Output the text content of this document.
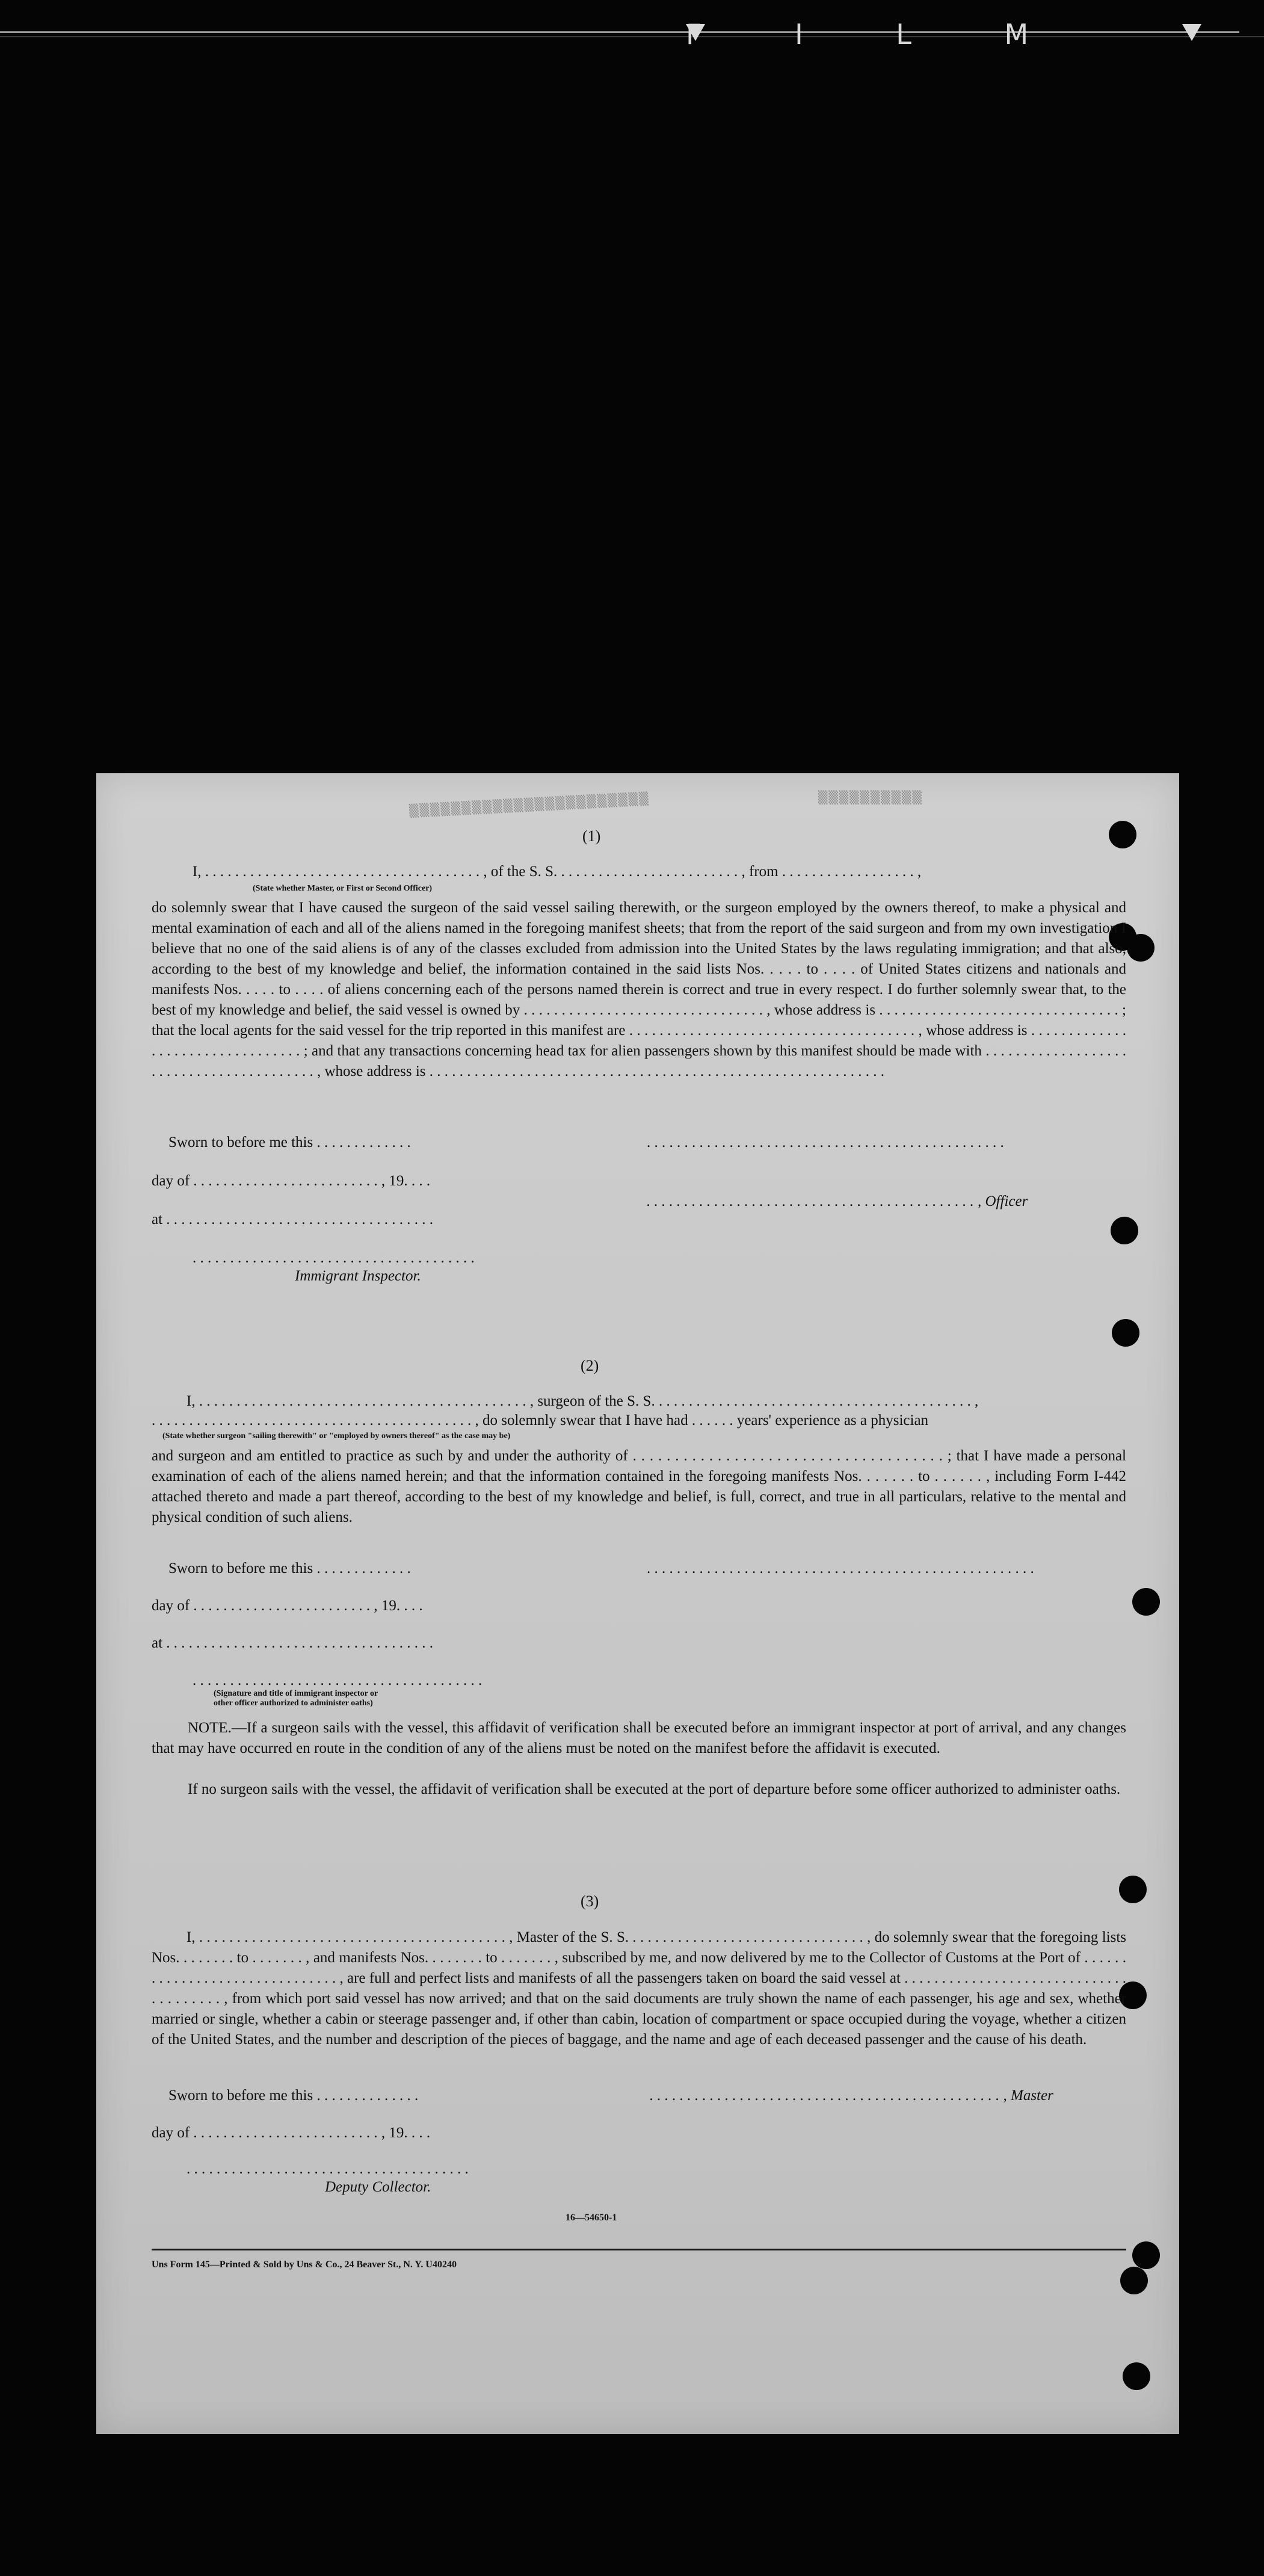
F I L M
▒▒▒▒▒▒▒▒▒▒▒▒▒▒▒▒▒▒▒▒▒▒▒	▒▒▒▒▒▒▒▒▒▒
(1)
I, . . . . . . . . . . . . . . . . . . . . . . . . . . . . . . . . . . . . . , of the S. S. . . . . . . . . . . . . . . . . . . . . . . . . , from . . . . . . . . . . . . . . . . . . ,
(State whether Master, or First or Second Officer)
do solemnly swear that I have caused the surgeon of the said vessel sailing therewith, or the surgeon employed by the owners thereof, to make a physical and mental examination of each and all of the aliens named in the foregoing manifest sheets; that from the report of the said surgeon and from my own investigation I believe that no one of the said aliens is of any of the classes excluded from admission into the United States by the laws regulating immigration; and that also, according to the best of my knowledge and belief, the information contained in the said lists Nos. . . . . to . . . . of United States citizens and nationals and manifests Nos. . . . . to . . . . of aliens concerning each of the persons named therein is correct and true in every respect. I do further solemnly swear that, to the best of my knowledge and belief, the said vessel is owned by . . . . . . . . . . . . . . . . . . . . . . . . . . . . . . . . , whose address is . . . . . . . . . . . . . . . . . . . . . . . . . . . . . . . . ; that the local agents for the said vessel for the trip reported in this manifest are . . . . . . . . . . . . . . . . . . . . . . . . . . . . . . . . . . . . . . , whose address is . . . . . . . . . . . . . . . . . . . . . . . . . . . . . . . . . ; and that any transactions concerning head tax for alien passengers shown by this manifest should be made with . . . . . . . . . . . . . . . . . . . . . . . . . . . . . . . . . . . . . . . . . , whose address is . . . . . . . . . . . . . . . . . . . . . . . . . . . . . . . . . . . . . . . . . . . . . . . . . . . . . . . . . . . . .
Sworn to before me this . . . . . . . . . . . . .	. . . . . . . . . . . . . . . . . . . . . . . . . . . . . . . . . . . . . . . . . . . . . . . .
day of . . . . . . . . . . . . . . . . . . . . . . . . . , 19. . . .
. . . . . . . . . . . . . . . . . . . . . . . . . . . . . . . . . . . . . . . . . . . . , Officer
at . . . . . . . . . . . . . . . . . . . . . . . . . . . . . . . . . . . .
. . . . . . . . . . . . . . . . . . . . . . . . . . . . . . . . . . . . . .
Immigrant Inspector.
(2)
I, . . . . . . . . . . . . . . . . . . . . . . . . . . . . . . . . . . . . . . . . . . . . , surgeon of the S. S. . . . . . . . . . . . . . . . . . . . . . . . . . . . . . . . . . . . . . . . . . . ,
. . . . . . . . . . . . . . . . . . . . . . . . . . . . . . . . . . . . . . . . . . . , do solemnly swear that I have had . . . . . . years' experience as a physician
(State whether surgeon "sailing therewith" or "employed by owners thereof" as the case may be)
and surgeon and am entitled to practice as such by and under the authority of . . . . . . . . . . . . . . . . . . . . . . . . . . . . . . . . . . . . . ; that I have made a personal examination of each of the aliens named herein; and that the information contained in the foregoing manifests Nos. . . . . . . to . . . . . . , including Form I-442 attached thereto and made a part thereof, according to the best of my knowledge and belief, is full, correct, and true in all particulars, relative to the mental and physical condition of such aliens.
Sworn to before me this . . . . . . . . . . . . .	. . . . . . . . . . . . . . . . . . . . . . . . . . . . . . . . . . . . . . . . . . . . . . . . . . . .
day of . . . . . . . . . . . . . . . . . . . . . . . . , 19. . . .
at . . . . . . . . . . . . . . . . . . . . . . . . . . . . . . . . . . . .
. . . . . . . . . . . . . . . . . . . . . . . . . . . . . . . . . . . . . . .
(Signature and title of immigrant inspector or
other officer authorized to administer oaths)
NOTE.—If a surgeon sails with the vessel, this affidavit of verification shall be executed before an immigrant inspector at port of arrival, and any changes that may have occurred en route in the condition of any of the aliens must be noted on the manifest before the affidavit is executed.
If no surgeon sails with the vessel, the affidavit of verification shall be executed at the port of departure before some officer authorized to administer oaths.
(3)
I, . . . . . . . . . . . . . . . . . . . . . . . . . . . . . . . . . . . . . . . . . , Master of the S. S. . . . . . . . . . . . . . . . . . . . . . . . . . . . . . . . , do solemnly swear that the foregoing lists Nos. . . . . . . . to . . . . . . . , and manifests Nos. . . . . . . . to . . . . . . . , subscribed by me, and now delivered by me to the Collector of Customs at the Port of . . . . . . . . . . . . . . . . . . . . . . . . . . . . . . . , are full and perfect lists and manifests of all the passengers taken on board the said vessel at . . . . . . . . . . . . . . . . . . . . . . . . . . . . . . . . . . . . . . . , from which port said vessel has now arrived; and that on the said documents are truly shown the name of each passenger, his age and sex, whether married or single, whether a cabin or steerage passenger and, if other than cabin, location of compartment or space occupied during the voyage, whether a citizen of the United States, and the number and description of the pieces of baggage, and the name and age of each deceased passenger and the cause of his death.
Sworn to before me this . . . . . . . . . . . . . .	. . . . . . . . . . . . . . . . . . . . . . . . . . . . . . . . . . . . . . . . . . . . . . . , Master
day of . . . . . . . . . . . . . . . . . . . . . . . . . , 19. . . .
. . . . . . . . . . . . . . . . . . . . . . . . . . . . . . . . . . . . . .
Deputy Collector.
16—54650-1
Uns Form 145—Printed & Sold by Uns & Co., 24 Beaver St., N. Y. U40240
